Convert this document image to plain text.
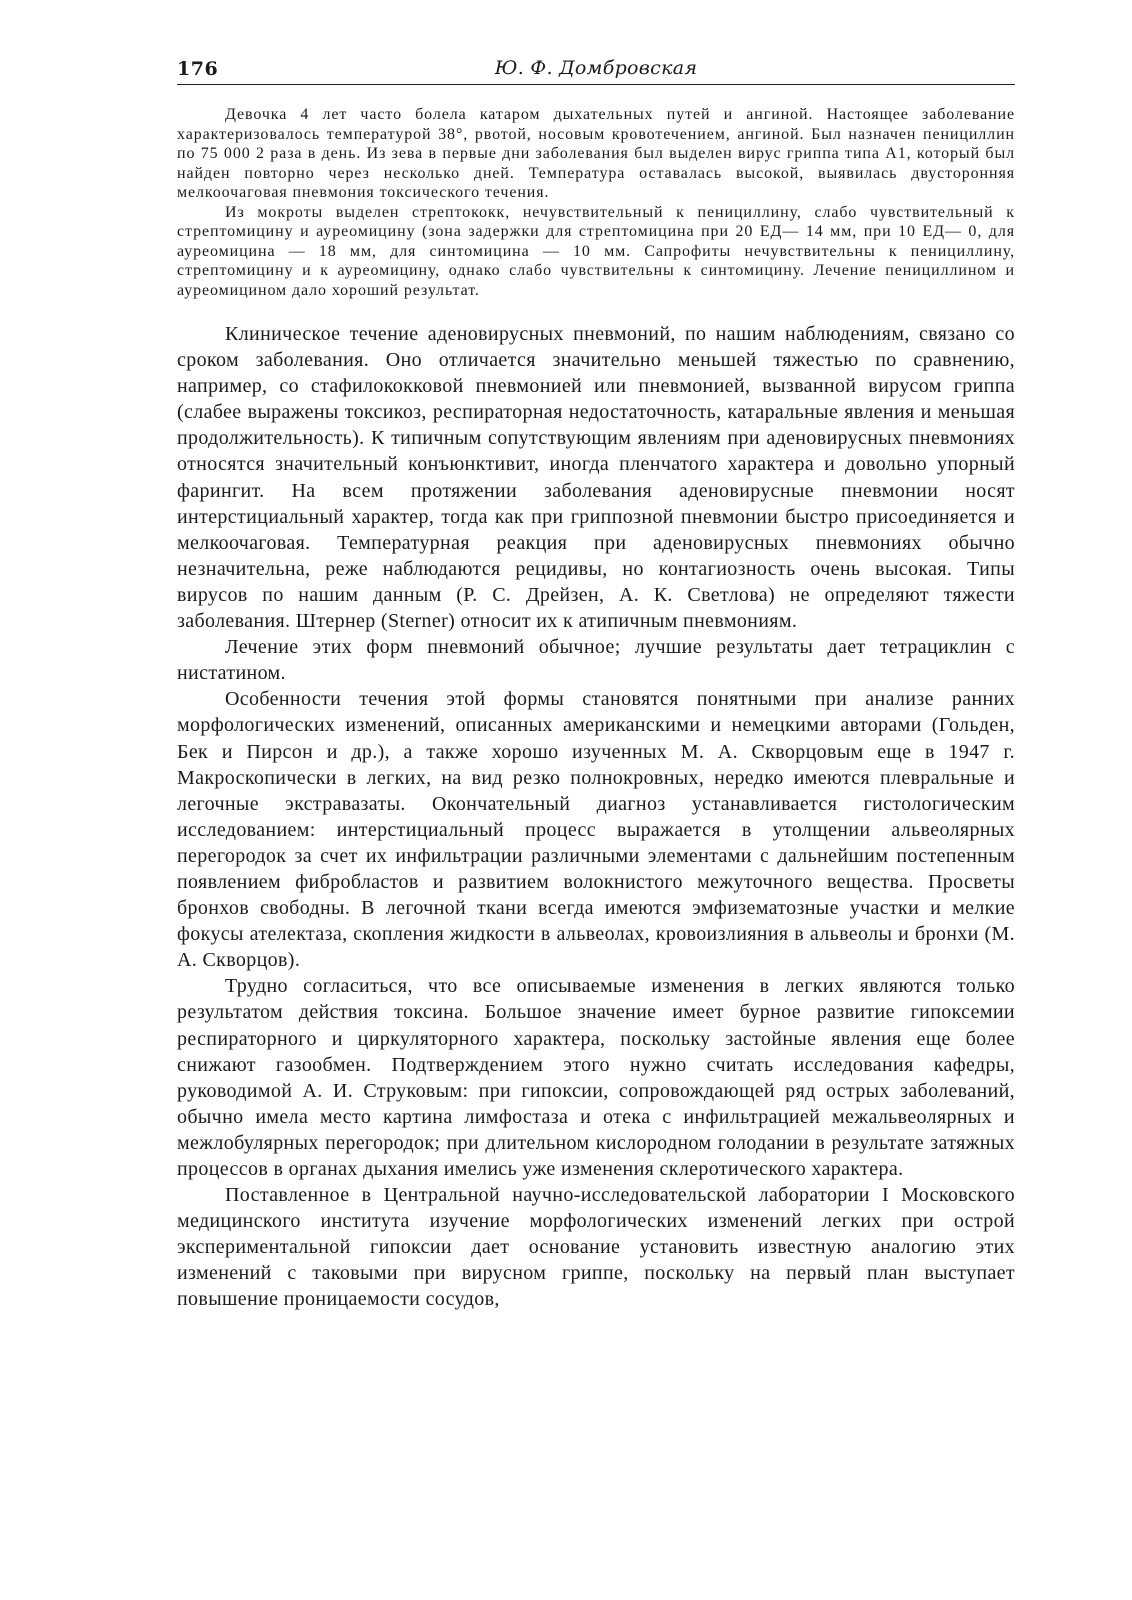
176	Ю. Ф. Домбровская

Девочка 4 лет часто болела катаром дыхательных путей и ангиной. Настоящее заболевание характеризовалось температурой 38°, рвотой, носовым кровотечением, ангиной. Был назначен пенициллин по 75 000 2 раза в день. Из зева в первые дни заболевания был выделен вирус гриппа типа А1, который был найден повторно через несколько дней. Температура оставалась высокой, выявилась двусторонняя мелкоочаговая пневмония токсического течения.

Из мокроты выделен стрептококк, нечувствительный к пенициллину, слабо чувствительный к стрептомицину и ауреомицину (зона задержки для стрептомицина при 20 ЕД— 14 мм, при 10 ЕД— 0, для ауреомицина — 18 мм, для синтомицина — 10 мм. Сапрофиты нечувствительны к пенициллину, стрептомицину и к ауреомицину, однако слабо чувствительны к синтомицину. Лечение пенициллином и ауреомицином дало хороший результат.

Клиническое течение аденовирусных пневмоний, по нашим наблюдениям, связано со сроком заболевания. Оно отличается значительно меньшей тяжестью по сравнению, например, со стафилококковой пневмонией или пневмонией, вызванной вирусом гриппа (слабее выражены токсикоз, респираторная недостаточность, катаральные явления и меньшая продолжительность). К типичным сопутствующим явлениям при аденовирусных пневмониях относятся значительный конъюнктивит, иногда пленчатого характера и довольно упорный фарингит. На всем протяжении заболевания аденовирусные пневмонии носят интерстициальный характер, тогда как при гриппозной пневмонии быстро присоединяется и мелкоочаговая. Температурная реакция при аденовирусных пневмониях обычно незначительна, реже наблюдаются рецидивы, но контагиозность очень высокая. Типы вирусов по нашим данным (Р. С. Дрейзен, А. К. Светлова) не определяют тяжести заболевания. Штернер (Sterner) относит их к атипичным пневмониям.

Лечение этих форм пневмоний обычное; лучшие результаты дает тетрациклин с нистатином.

Особенности течения этой формы становятся понятными при анализе ранних морфологических изменений, описанных американскими и немецкими авторами (Гольден, Бек и Пирсон и др.), а также хорошо изученных М. А. Скворцовым еще в 1947 г. Макроскопически в легких, на вид резко полнокровных, нередко имеются плевральные и легочные экстравазаты. Окончательный диагноз устанавливается гистологическим исследованием: интерстициальный процесс выражается в утолщении альвеолярных перегородок за счет их инфильтрации различными элементами с дальнейшим постепенным появлением фибробластов и развитием волокнистого межуточного вещества. Просветы бронхов свободны. В легочной ткани всегда имеются эмфизематозные участки и мелкие фокусы ателектаза, скопления жидкости в альвеолах, кровоизлияния в альвеолы и бронхи (М. А. Скворцов).

Трудно согласиться, что все описываемые изменения в легких являются только результатом действия токсина. Большое значение имеет бурное развитие гипоксемии респираторного и циркуляторного характера, поскольку застойные явления еще более снижают газообмен. Подтверждением этого нужно считать исследования кафедры, руководимой А. И. Струковым: при гипоксии, сопровождающей ряд острых заболеваний, обычно имела место картина лимфостаза и отека с инфильтрацией межальвеолярных и межлобулярных перегородок; при длительном кислородном голодании в результате затяжных процессов в органах дыхания имелись уже изменения склеротического характера.

Поставленное в Центральной научно-исследовательской лаборатории I Московского медицинского института изучение морфологических изменений легких при острой экспериментальной гипоксии дает основание установить известную аналогию этих изменений с таковыми при вирусном гриппе, поскольку на первый план выступает повышение проницаемости сосудов,
